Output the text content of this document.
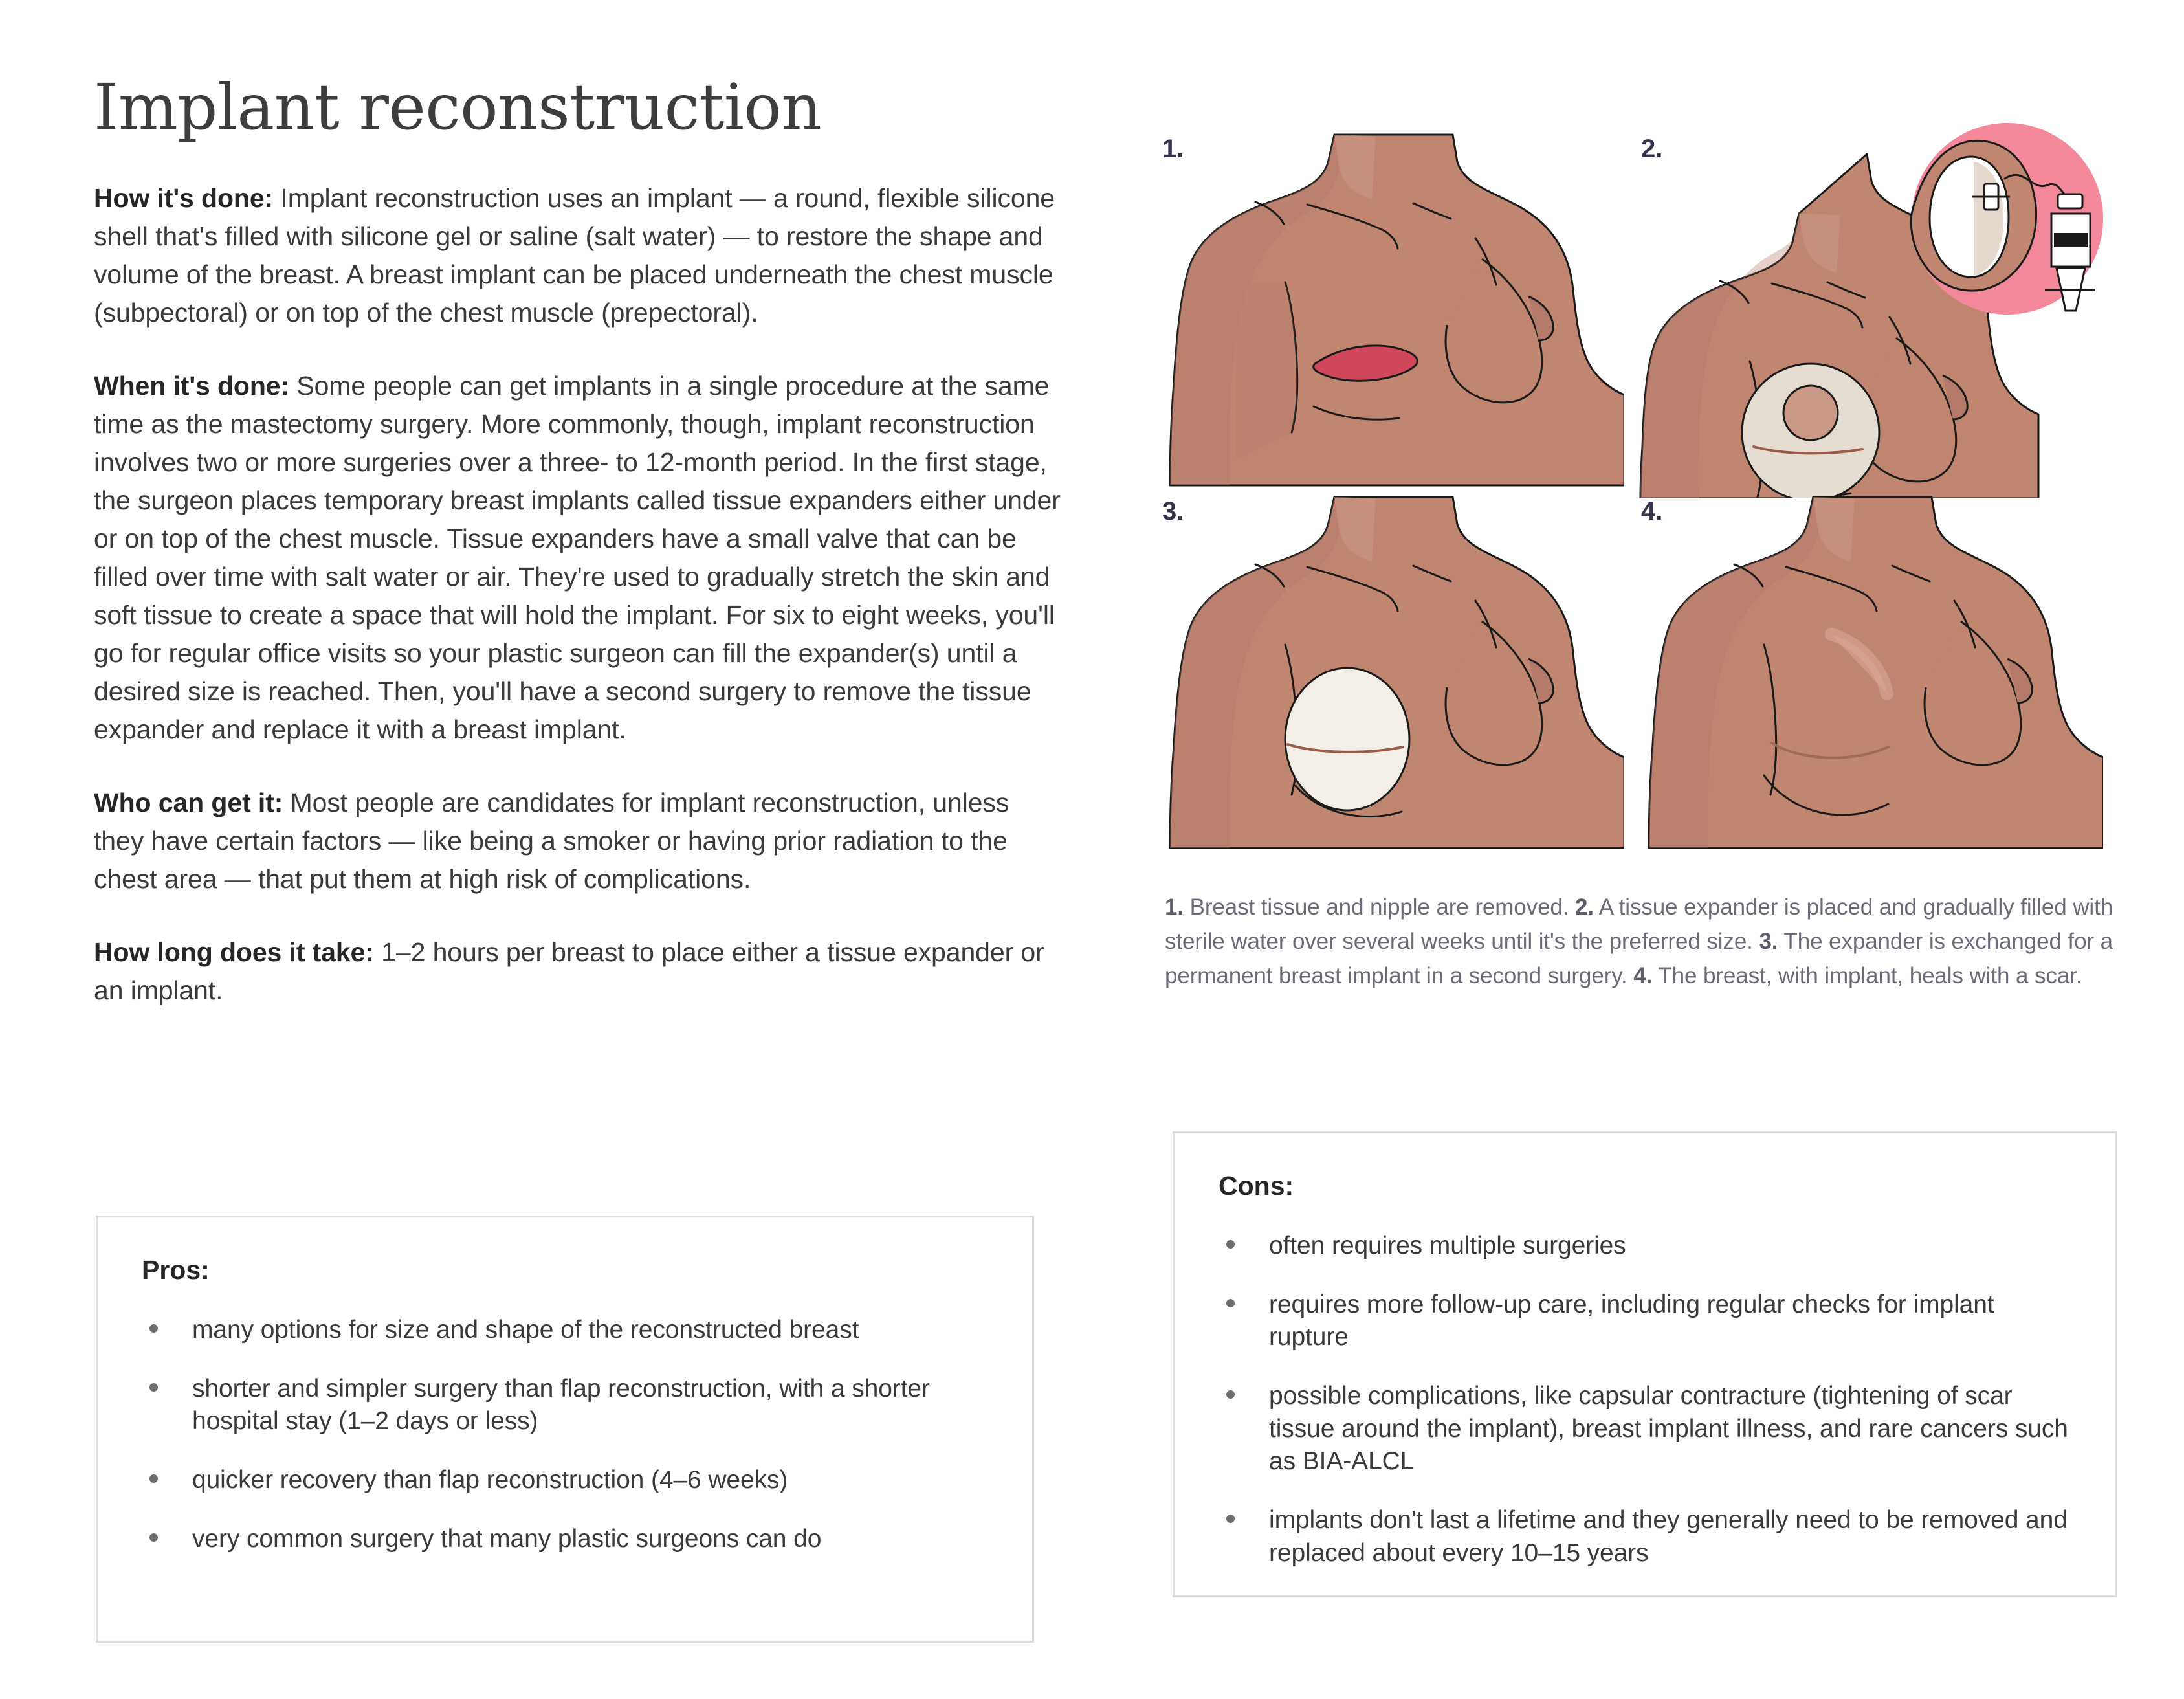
Implant reconstruction

How it's done: Implant reconstruction uses an implant — a round, flexible silicone shell that's filled with silicone gel or saline (salt water) — to restore the shape and volume of the breast. A breast implant can be placed underneath the chest muscle (subpectoral) or on top of the chest muscle (prepectoral).

When it's done: Some people can get implants in a single procedure at the same time as the mastectomy surgery. More commonly, though, implant reconstruction involves two or more surgeries over a three- to 12-month period. In the first stage, the surgeon places temporary breast implants called tissue expanders either under or on top of the chest muscle. Tissue expanders have a small valve that can be filled over time with salt water or air. They're used to gradually stretch the skin and soft tissue to create a space that will hold the implant. For six to eight weeks, you'll go for regular office visits so your plastic surgeon can fill the expander(s) until a desired size is reached. Then, you'll have a second surgery to remove the tissue expander and replace it with a breast implant.

Who can get it: Most people are candidates for implant reconstruction, unless they have certain factors — like being a smoker or having prior radiation to the chest area — that put them at high risk of complications.

How long does it take: 1–2 hours per breast to place either a tissue expander or an implant.

Pros:
many options for size and shape of the reconstructed breast
shorter and simpler surgery than flap reconstruction, with a shorter hospital stay (1–2 days or less)
quicker recovery than flap reconstruction (4–6 weeks)
very common surgery that many plastic surgeons can do
Cons:
often requires multiple surgeries
requires more follow-up care, including regular checks for implant rupture
possible complications, like capsular contracture (tightening of scar tissue around the implant), breast implant illness, and rare cancers such as BIA-ALCL
implants don't last a lifetime and they generally need to be removed and replaced about every 10–15 years
1.	2.
3.	4.
1. Breast tissue and nipple are removed. 2. A tissue expander is placed and gradually filled with sterile water over several weeks until it's the preferred size. 3. The expander is exchanged for a permanent breast implant in a second surgery. 4. The breast, with implant, heals with a scar.
